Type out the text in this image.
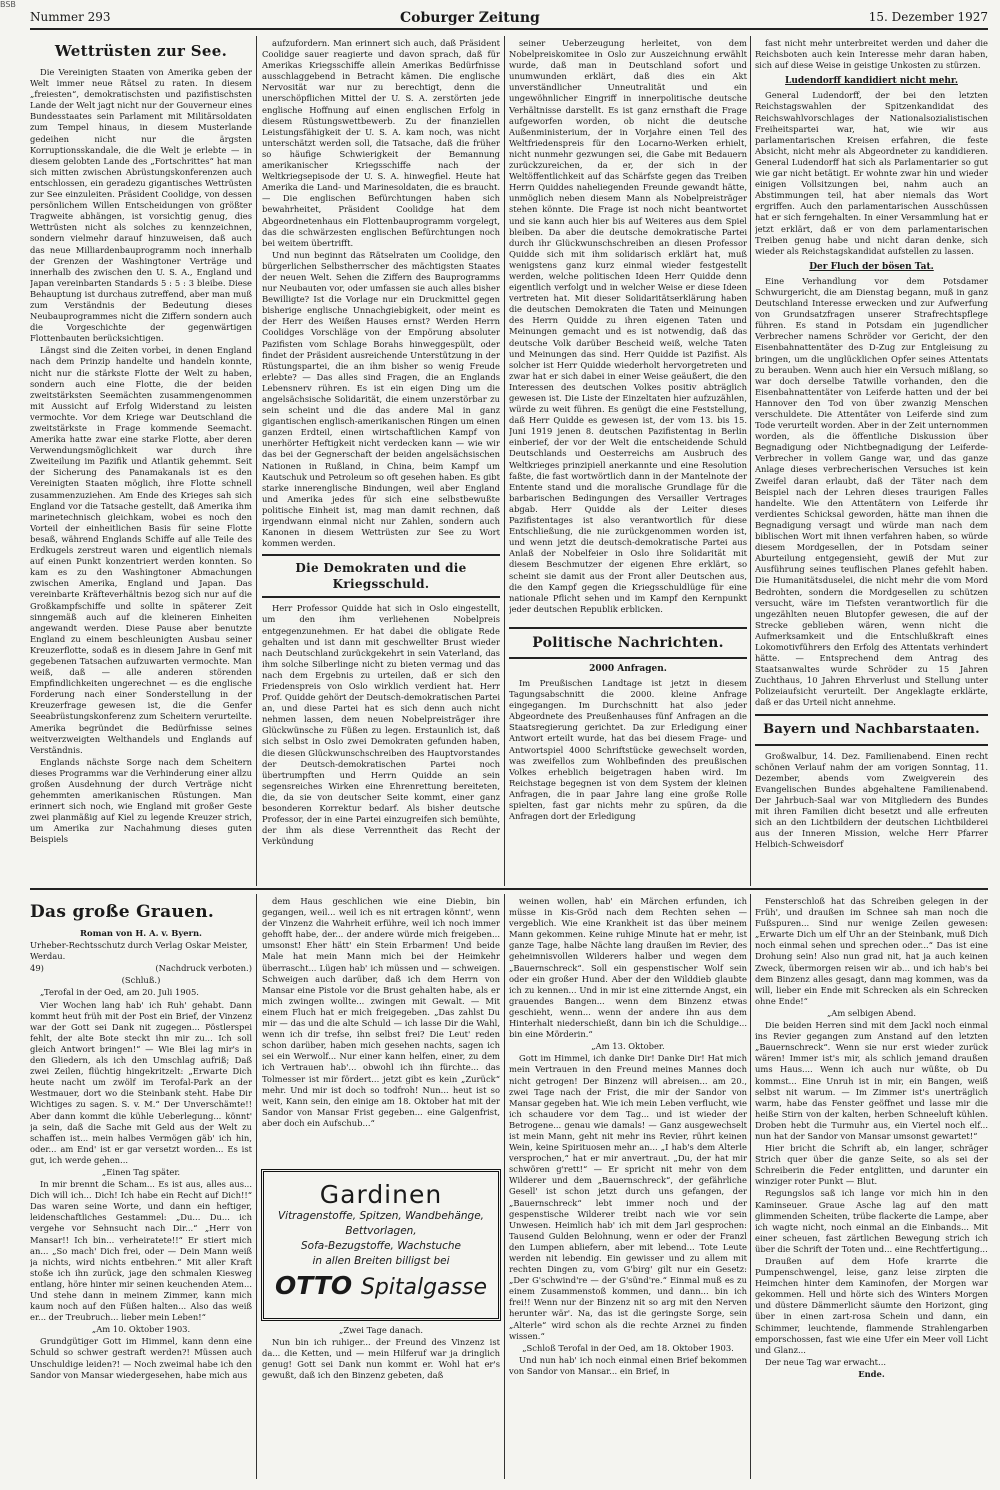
BSB
Nummer 293	Coburger Zeitung	15. Dezember 1927
Wettrüsten zur See.

Die Vereinigten Staaten von Amerika geben der Welt immer neue Rätsel zu raten. In diesem „freiesten“, demokratischsten und pazifistischsten Lande der Welt jagt nicht nur der Gouverneur eines Bundesstaates sein Parlament mit Militärsoldaten zum Tempel hinaus, in diesem Musterlande gedeihen nicht nur die ärgsten Korruptionsskandale, die die Welt je erlebte — in diesem gelobten Lande des „Fortschrittes“ hat man sich mitten zwischen Abrüstungskonferenzen auch entschlossen, ein geradezu gigantisches Wettrüsten zur See einzuleiten. Präsident Coolidge, von dessen persönlichem Willen Entscheidungen von größter Tragweite abhängen, ist vorsichtig genug, dies Wettrüsten nicht als solches zu kennzeichnen, sondern vielmehr darauf hinzuweisen, daß auch das neue Milliardenbauprogramm noch innerhalb der Grenzen der Washingtoner Verträge und innerhalb des zwischen den U. S. A., England und Japan vereinbarten Standards 5 : 5 : 3 bleibe. Diese Behauptung ist durchaus zutreffend, aber man muß zum Verständnis der Bedeutung dieses Neubauprogrammes nicht die Ziffern sondern auch die Vorgeschichte der gegenwärtigen Flottenbauten berücksichtigen.

Längst sind die Zeiten vorbei, in denen England nach dem Prinzip handelte und handeln konnte, nicht nur die stärkste Flotte der Welt zu haben, sondern auch eine Flotte, die der beiden zweitstärksten Seemächten zusammengenommen mit Aussicht auf Erfolg Widerstand zu leisten vermochte. Vor dem Kriege war Deutschland die zweitstärkste in Frage kommende Seemacht. Amerika hatte zwar eine starke Flotte, aber deren Verwendungsmöglichkeit war durch ihre Zweiteilung im Pazifik und Atlantik gehemmt. Seit der Sicherung des Panamakanals ist es den Vereinigten Staaten möglich, ihre Flotte schnell zusammenzuziehen. Am Ende des Krieges sah sich England vor die Tatsache gestellt, daß Amerika ihm marinetechnisch gleichkam, wobei es noch den Vorteil der einheitlichen Basis für seine Flotte besaß, während Englands Schiffe auf alle Teile des Erdkugels zerstreut waren und eigentlich niemals auf einen Punkt konzentriert werden konnten. So kam es zu den Washingtoner Abmachungen zwischen Amerika, England und Japan. Das vereinbarte Kräfteverhältnis bezog sich nur auf die Großkampfschiffe und sollte in späterer Zeit sinngemäß auch auf die kleineren Einheiten angewandt werden. Diese Pause aber benutzte England zu einem beschleunigten Ausbau seiner Kreuzerflotte, sodaß es in diesem Jahre in Genf mit gegebenen Tatsachen aufzuwarten vermochte. Man weiß, daß — alle anderen störenden Empfindlichkeiten ungerechnet — es die englische Forderung nach einer Sonderstellung in der Kreuzerfrage gewesen ist, die die Genfer Seeabrüstungskonferenz zum Scheitern verurteilte. Amerika begründet die Bedürfnisse seines weitverzweigten Welthandels und Englands auf Verständnis.

Englands nächste Sorge nach dem Scheitern dieses Programms war die Verhinderung einer allzu großen Ausdehnung der durch Verträge nicht gehemmten amerikanischen Rüstungen. Man erinnert sich noch, wie England mit großer Geste zwei planmäßig auf Kiel zu legende Kreuzer strich, um Amerika zur Nachahmung dieses guten Beispiels

aufzufordern. Man erinnert sich auch, daß Präsident Coolidge sauer reagierte und davon sprach, daß für Amerikas Kriegsschiffe allein Amerikas Bedürfnisse ausschlaggebend in Betracht kämen. Die englische Nervosität war nur zu berechtigt, denn die unerschöpflichen Mittel der U. S. A. zerstörten jede englische Hoffnung auf einen englischen Erfolg in diesem Rüstungswettbewerb. Zu der finanziellen Leistungsfähigkeit der U. S. A. kam noch, was nicht unterschätzt werden soll, die Tatsache, daß die früher so häufige Schwierigkeit der Bemannung amerikanischer Kriegsschiffe nach der Weltkriegsepisode der U. S. A. hinwegfiel. Heute hat Amerika die Land- und Marinesoldaten, die es braucht. — Die englischen Befürchtungen haben sich bewahrheitet, Präsident Coolidge hat dem Abgeordnetenhaus ein Flottenbauprogramm vorgelegt, das die schwärzesten englischen Befürchtungen noch bei weitem übertrifft.

Und nun beginnt das Rätselraten um Coolidge, den bürgerlichen Selbstherrscher des mächtigsten Staates der neuen Welt. Sehen die Ziffern des Bauprogramms nur Neubauten vor, oder umfassen sie auch alles bisher Bewilligte? Ist die Vorlage nur ein Druckmittel gegen bisherige englische Unnachgiebigkeit, oder meint es der Herr des Weißen Hauses ernst? Werden Herrn Coolidges Vorschläge von der Empörung absoluter Pazifisten vom Schlage Borahs hinweggespült, oder findet der Präsident ausreichende Unterstützung in der Rüstungspartei, die an ihm bisher so wenig Freude erlebte? — Das alles sind Fragen, die an Englands Lebensnerv rühren. Es ist ein eigen Ding um die angelsächsische Solidarität, die einem unzerstörbar zu sein scheint und die das andere Mal in ganz gigantischen englisch-amerikanischen Ringen um einen ganzen Erdteil, einen wirtschaftlichen Kampf von unerhörter Heftigkeit nicht verdecken kann — wie wir das bei der Gegnerschaft der beiden angelsächsischen Nationen in Rußland, in China, beim Kampf um Kautschuk und Petroleum so oft gesehen haben. Es gibt starke innerenglische Bindungen, weil aber England und Amerika jedes für sich eine selbstbewußte politische Einheit ist, mag man damit rechnen, daß irgendwann einmal nicht nur Zahlen, sondern auch Kanonen in diesem Wettrüsten zur See zu Wort kommen werden.

Die Demokraten und die Kriegsschuld.

Herr Professor Quidde hat sich in Oslo eingestellt, um den ihm verliehenen Nobelpreis entgegenzunehmen. Er hat dabei die obligate Rede gehalten und ist dann mit geschwellter Brust wieder nach Deutschland zurückgekehrt in sein Vaterland, das ihm solche Silberlinge nicht zu bieten vermag und das nach dem Ergebnis zu urteilen, daß er sich den Friedenspreis von Oslo wirklich verdient hat. Herr Prof. Quidde gehört der Deutsch-demokratischen Partei an, und diese Partei hat es sich denn auch nicht nehmen lassen, dem neuen Nobelpreisträger ihre Glückwünsche zu Füßen zu legen. Erstaunlich ist, daß sich selbst in Oslo zwei Demokraten gefunden haben, die diesen Glückwunschschreiben des Hauptvorstandes der Deutsch-demokratischen Partei noch übertrumpften und Herrn Quidde an sein segensreiches Wirken eine Ehrenrettung bereiteten, die, da sie von deutscher Seite kommt, einer ganz besonderen Korrektur bedarf. Als bisher deutsche Professor, der in eine Partei einzugreifen sich bemühte, der ihm als diese Verrenntheit das Recht der Verkündung

seiner Ueberzeugung herleitet, von dem Nobelpreiskomitee in Oslo zur Auszeichnung erwählt wurde, daß man in Deutschland sofort und unumwunden erklärt, daß dies ein Akt unverständlicher Unneutralität und ein ungewöhnlicher Eingriff in innerpolitische deutsche Verhältnisse darstellt. Es ist ganz ernsthaft die Frage aufgeworfen worden, ob nicht die deutsche Außenministerium, der in Vorjahre einen Teil des Weltfriedenspreis für den Locarno-Werken erhielt, nicht nunmehr gezwungen sei, die Gabe mit Bedauern zurückzureichen, da er, der sich in der Weltöffentlichkeit auf das Schärfste gegen das Treiben Herrn Quiddes naheliegenden Freunde gewandt hätte, unmöglich neben diesem Mann als Nobelpreisträger stehen könnte. Die Frage ist noch nicht beantwortet und sie kann auch hier bis auf Weiteres aus dem Spiel bleiben. Da aber die deutsche demokratische Partei durch ihr Glückwunschschreiben an diesen Professor Quidde sich mit ihm solidarisch erklärt hat, muß wenigstens ganz kurz einmal wieder festgestellt werden, welche politischen Ideen Herr Quidde denn eigentlich verfolgt und in welcher Weise er diese Ideen vertreten hat. Mit dieser Solidaritätserklärung haben die deutschen Demokraten die Taten und Meinungen des Herrn Quidde zu ihren eigenen Taten und Meinungen gemacht und es ist notwendig, daß das deutsche Volk darüber Bescheid weiß, welche Taten und Meinungen das sind. Herr Quidde ist Pazifist. Als solcher ist Herr Quidde wiederholt hervorgetreten und zwar hat er sich dabei in einer Weise geäußert, die den Interessen des deutschen Volkes positiv abträglich gewesen ist. Die Liste der Einzeltaten hier aufzuzählen, würde zu weit führen. Es genügt die eine Feststellung, daß Herr Quidde es gewesen ist, der vom 13. bis 15. Juni 1919 jenen 8. deutschen Pazifistentag in Berlin einberief, der vor der Welt die entscheidende Schuld Deutschlands und Oesterreichs am Ausbruch des Weltkrieges prinzipiell anerkannte und eine Resolution faßte, die fast wortwörtlich dann in der Mantelnote der Entente stand und die moralische Grundlage für die barbarischen Bedingungen des Versailler Vertrages abgab. Herr Quidde als der Leiter dieses Pazifistentages ist also verantwortlich für diese Entschließung, die nie zurückgenommen worden ist, und wenn jetzt die deutsch-demokratische Partei aus Anlaß der Nobelfeier in Oslo ihre Solidarität mit diesem Beschmutzer der eigenen Ehre erklärt, so scheint sie damit aus der Front aller Deutschen aus, die den Kampf gegen die Kriegsschuldlüge für eine nationale Pflicht sehen und im Kampf den Kernpunkt jeder deutschen Republik erblicken.

Politische Nachrichten.
2000 Anfragen.

Im Preußischen Landtage ist jetzt in diesem Tagungsabschnitt die 2000. kleine Anfrage eingegangen. Im Durchschnitt hat also jeder Abgeordnete des Preußenhauses fünf Anfragen an die Staatsregierung gerichtet. Da zur Erledigung einer Antwort erteilt wurde, hat das bei diesem Frage- und Antwortspiel 4000 Schriftstücke gewechselt worden, was zweifellos zum Wohlbefinden des preußischen Volkes erheblich beigetragen haben wird. Im Reichstage begegnen ist von dem System der kleinen Anfragen, die in paar Jahre lang eine große Rolle spielten, fast gar nichts mehr zu spüren, da die Anfragen dort der Erledigung

fast nicht mehr unterbreitet werden und daher die Reichsboten auch kein Interesse mehr daran haben, sich auf diese Weise in geistige Unkosten zu stürzen.

Ludendorff kandidiert nicht mehr.

General Ludendorff, der bei den letzten Reichstagswahlen der Spitzenkandidat des Reichswahlvorschlages der Nationalsozialistischen Freiheitspartei war, hat, wie wir aus parlamentarischen Kreisen erfahren, die feste Absicht, nicht mehr als Abgeordneter zu kandidieren. General Ludendorff hat sich als Parlamentarier so gut wie gar nicht betätigt. Er wohnte zwar hin und wieder einigen Vollsitzungen bei, nahm auch an Abstimmungen teil, hat aber niemals das Wort ergriffen. Auch den parlamentarischen Ausschüssen hat er sich ferngehalten. In einer Versammlung hat er jetzt erklärt, daß er von dem parlamentarischen Treiben genug habe und nicht daran denke, sich wieder als Reichstagskandidat aufstellen zu lassen.

Der Fluch der bösen Tat.

Eine Verhandlung vor dem Potsdamer Schwurgericht, die am Dienstag begann, muß in ganz Deutschland Interesse erwecken und zur Aufwerfung von Grundsatzfragen unserer Strafrechtspflege führen. Es stand in Potsdam ein jugendlicher Verbrecher namens Schröder vor Gericht, der den Eisenbahnattentäter des D-Zug zur Entgleisung zu bringen, um die unglücklichen Opfer seines Attentats zu berauben. Wenn auch hier ein Versuch mißlang, so war doch derselbe Tatwille vorhanden, den die Eisenbahnattentäter von Leiferde hatten und der bei Hannover den Tod von über zwanzig Menschen verschuldete. Die Attentäter von Leiferde sind zum Tode verurteilt worden. Aber in der Zeit unternommen worden, als die öffentliche Diskussion über Begnadigung oder Nichtbegnadigung der Leiferde-Verbrecher in vollem Gange war, und das ganze Anlage dieses verbrecherischen Versuches ist kein Zweifel daran erlaubt, daß der Täter nach dem Beispiel nach der Lehren dieses traurigen Falles handelte. Wie den Attentätern von Leiferde ihr verdientes Schicksal geworden, hätte man ihnen die Begnadigung versagt und würde man nach dem biblischen Wort mit ihnen verfahren haben, so würde diesem Mordgesellen, der in Potsdam seiner Aburteilung entgegensieht, gewiß der Mut zur Ausführung seines teuflischen Planes gefehlt haben. Die Humanitätsduselei, die nicht mehr die vom Mord Bedrohten, sondern die Mordgesellen zu schützen versucht, wäre im Tiefsten verantwortlich für die ungezählten neuen Blutopfer gewesen, die auf der Strecke geblieben wären, wenn nicht die Aufmerksamkeit und die Entschlußkraft eines Lokomotivführers den Erfolg des Attentats verhindert hätte. — Entsprechend dem Antrag des Staatsanwaltes wurde Schröder zu 15 Jahren Zuchthaus, 10 Jahren Ehrverlust und Stellung unter Polizeiaufsicht verurteilt. Der Angeklagte erklärte, daß er das Urteil nicht annehme.

Bayern und Nachbarstaaten.

Großwalbur, 14. Dez. Familienabend. Einen recht schönen Verlauf nahm der am vorigen Sonntag, 11. Dezember, abends vom Zweigverein des Evangelischen Bundes abgehaltene Familienabend. Der Jahrbuch-Saal war von Mitgliedern des Bundes mit ihren Familien dicht besetzt und alle erfreuten sich an den Lichtbildern der deutschen Lichtbilderei aus der Inneren Mission, welche Herr Pfarrer Helbich-Schweisdorf

Das große Grauen.

Roman von H. A. v. Byern.

Urheber-Rechtsschutz durch Verlag Oskar Meister, Werdau.

49)	(Nachdruck verboten.)

(Schluß.)

„Terofal in der Oed, am 20. Juli 1905.

Vier Wochen lang hab' ich Ruh' gehabt. Dann kommt heut früh mit der Post ein Brief, der Vinzenz war der Gott sei Dank nit zugegen... Pöstlerspei fehlt, der alte Bote steckt ihn mir zu... Ich soll gleich Antwort bringen!“ — Wie Blei lag mir's in den Gliedern, als ich den Umschlag aufriß; Daß zwei Zeilen, flüchtig hingekritzelt: „Erwarte Dich heute nacht um zwölf im Terofal-Park an der Westmauer, dort wo die Steinbank steht. Habe Dir Wichtiges zu sagen. S. v. M.“ Der Unverschämte!! Aber dann kommt die kühle Ueberlegung... könnt' ja sein, daß die Sache mit Geld aus der Welt zu schaffen ist... mein halbes Vermögen gäb' ich hin, oder... am End' ist er gar versetzt worden... Es ist gut, ich werde gehen...

„Einen Tag später.

In mir brennt die Scham... Es ist aus, alles aus... Dich will ich... Dich! Ich habe ein Recht auf Dich!!“ Das waren seine Worte, und dann ein heftiger, leidenschaftliches Gestammel: „Du... Du... ich vergehe vor Sehnsucht nach Dir...“ „Herr von Mansar!! Ich bin... verheiratete!!“ Er stiert mich an... „So mach' Dich frei, oder — Dein Mann weiß ja nichts, wird nichts entbehren.“ Mit aller Kraft stoße ich ihn zurück, jage den schmalen Kiesweg entlang, höre hinter mir seinen keuchenden Atem... Und stehe dann in meinem Zimmer, kann mich kaum noch auf den Füßen halten... Also das weiß er... der Treubruch... lieber mein Leben!“

„Am 10. Oktober 1903.

Grundgütiger Gott im Himmel, kann denn eine Schuld so schwer gestraft werden?! Müssen auch Unschuldige leiden?! — Noch zweimal habe ich den Sandor von Mansar wiedergesehen, habe mich aus

dem Haus geschlichen wie eine Diebin, bin gegangen, weil... weil ich es nit ertragen könnt', wenn der Vinzenz die Wahrheit erführe, weil ich noch immer gehofft habe, der... der andere würde mich freigeben... umsonst! Eher hätt' ein Stein Erbarmen! Und beide Male hat mein Mann mich bei der Heimkehr überrascht... Lügen hab' ich müssen und — schweigen. Schweigen auch darüber, daß ich dem Herrn von Mansar eine Pistole vor die Brust gehalten habe, als er mich zwingen wollte... zwingen mit Gewalt. — Mit einem Fluch hat er mich freigegeben. „Das zahlst Du mir — das und die alte Schuld — ich lasse Dir die Wahl, wenn ich dir trefse, ihn selbst frei? Die Leut' reden schon darüber, haben mich gesehen nachts, sagen ich sei ein Werwolf... Nur einer kann helfen, einer, zu dem ich Vertrauen hab'... obwohl ich ihn fürchte... das Tolmesser ist mir fördert... jetzt gibt es kein „Zurück“ mehr. Und mir ist doch so todfroh! Nun... heut ist so weit, Kann sein, den einige am 18. Oktober hat mit der Sandor von Mansar Frist gegeben... eine Galgenfrist, aber doch ein Aufschub...“

„Zwei Tage danach.

Nun bin ich ruhiger... der Freund des Vinzenz ist da... die Ketten, und — mein Hilferuf war ja dringlich genug! Gott sei Dank nun kommt er. Wohl hat er's gewußt, daß ich den Binzenz gebeten, daß

Gardinen
Vitragenstoffe, Spitzen, Wandbehänge, Bettvorlagen,
Sofa-Bezugstoffe, Wachstuche
in allen Breiten billigst bei
OTTO Spitalgasse

weinen wollen, hab' ein Märchen erfunden, ich müsse in Kis-Gröd nach dem Rechten sehen — vergeblich. Wie eine Krankheit ist das über meinem Mann gekommen. Keine ruhige Minute hat er mehr, ist ganze Tage, halbe Nächte lang draußen im Revier, des geheimnisvollen Wilderers halber und wegen dem „Bauernschreck“. Soll ein gespenstischer Wolf sein oder ein großer Hund. Aber der den Wilddieb glaubte ich zu kennen... Und in mir ist eine zitternde Angst, ein grauendes Bangen... wenn dem Binzenz etwas geschieht, wenn... wenn der andere ihn aus dem Hinterhalt niederschießt, dann bin ich die Schuldige... bin eine Mörderin.“

„Am 13. Oktober.

Gott im Himmel, ich danke Dir! Danke Dir! Hat mich mein Vertrauen in den Freund meines Mannes doch nicht getrogen! Der Binzenz will abreisen... am 20., zwei Tage nach der Frist, die mir der Sandor von Mansar gegeben hat. Wie ich mein Leben verflucht, wie ich schaudere vor dem Tag... und ist wieder der Betrogene... genau wie damals! — Ganz ausgewechselt ist mein Mann, geht nit mehr ins Revier, rührt keinen Wein, keine Spirituosen mehr an... „I hab's dem Alterle versprochen,“ hat er mir anvertraut. „Du, der hat mir schwören g'rett!“ — Er spricht nit mehr von dem Wilderer und dem „Bauernschreck“, der gefährliche Gesell' ist schon jetzt durch uns gefangen, der „Bauernschreck“ lebt immer noch und der gespenstische Wilderer treibt nach wie vor sein Unwesen. Heimlich hab' ich mit dem Jarl gesprochen: Tausend Gulden Belohnung, wenn er oder der Franzl den Lumpen abliefern, aber mit lebend... Tote Leute werden nit lebendig. Ein gewisser und zu allem mit rechten Dingen zu, vom G'birg' gilt nur ein Gesetz: „Der G'schwind're — der G'sünd're.“ Einmal muß es zu einem Zusammenstoß kommen, und dann... bin ich frei!! Wenn nur der Binzenz nit so arg mit den Nerven herunter wär'. Na, das ist die geringste Sorge, sein „Alterle“ wird schon als die rechte Arznei zu finden wissen.“

„Schloß Terofal in der Oed, am 18. Oktober 1903.

Und nun hab' ich noch einmal einen Brief bekommen von Sandor von Mansar... ein Brief, in

Fensterschloß hat das Schreiben gelegen in der Früh', und draußen im Schnee sah man noch die Fußspuren... Sind nur wenige Zeilen gewesen: „Erwarte Dich um elf Uhr an der Steinbank, muß Dich noch einmal sehen und sprechen oder...“ Das ist eine Drohung sein! Also nun grad nit, hat ja auch keinen Zweck, übermorgen reisen wir ab... und ich hab's bei dem Binzenz alles gesagt, dann mag kommen, was da will, lieber ein Ende mit Schrecken als ein Schrecken ohne Ende!“

„Am selbigen Abend.

Die beiden Herren sind mit dem Jackl noch einmal ins Revier gegangen zum Anstand auf den letzten „Bauernschreck“. Wenn sie nur erst wieder zurück wären! Immer ist's mir, als schlich jemand draußen ums Haus.... Wenn ich auch nur wüßte, ob Du kommst... Eine Unruh ist in mir, ein Bangen, weiß selbst nit warum. — Im Zimmer ist's unerträglich warm, habe das Fenster geöffnet und lasse mir die heiße Stirn von der kalten, herben Schneeluft kühlen. Droben hebt die Turmuhr aus, ein Viertel noch elf... nun hat der Sandor von Mansar umsonst gewartet!“

Hier bricht die Schrift ab, ein langer, schräger Strich quer über die ganze Seite, so als sei der Schreiberin die Feder entglitten, und darunter ein winziger roter Punkt — Blut.

Regungslos saß ich lange vor mich hin in den Kaminseuer. Graue Asche lag auf den matt glimmenden Scheiten, trübe flackerte die Lampe, aber ich wagte nicht, noch einmal an die Einbands... Mit einer scheuen, fast zärtlichen Bewegung strich ich über die Schrift der Toten und... eine Rechtfertigung...

Draußen auf dem Hofe krarrte die Pumpenschwengel, leise, ganz leise zirpten die Heimchen hinter dem Kaminofen, der Morgen war gekommen. Hell und hörte sich des Winters Morgen und düstere Dämmerlicht säumte den Horizont, ging über in einen zart-rosa Schein und dann, ein Schimmer, leuchtende, flammende Strahlengarben emporschossen, fast wie eine Ufer ein Meer voll Licht und Glanz...

Der neue Tag war erwacht...

Ende.
